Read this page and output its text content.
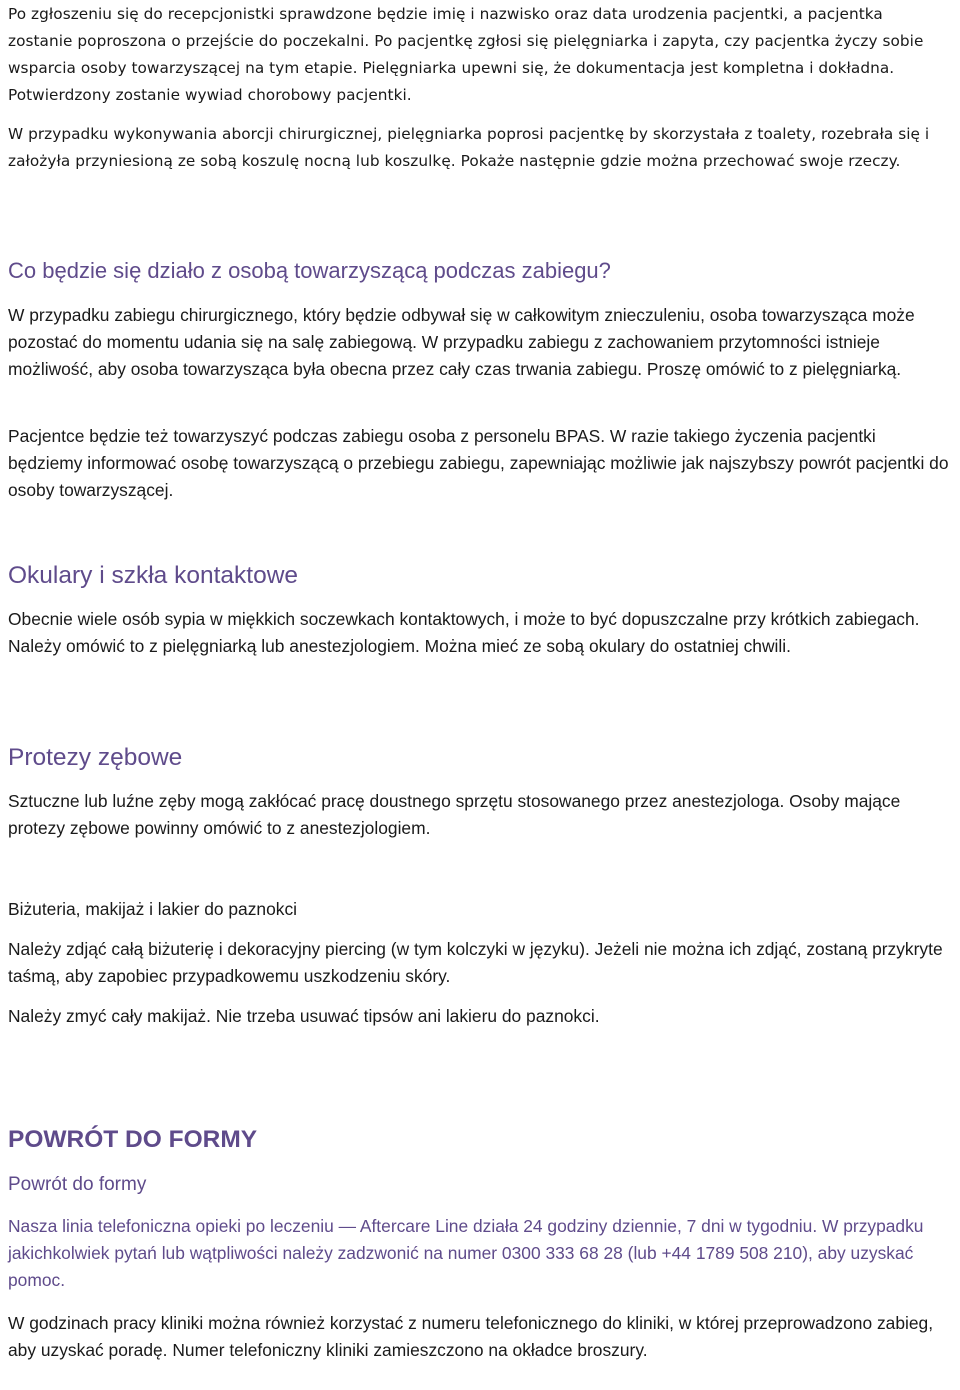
Po zgłoszeniu się do recepcjonistki sprawdzone będzie imię i nazwisko oraz data urodzenia pacjentki, a pacjentka zostanie poproszona o przejście do poczekalni. Po pacjentkę zgłosi się pielęgniarka i zapyta, czy pacjentka życzy sobie wsparcia osoby towarzyszącej na tym etapie. Pielęgniarka upewni się, że dokumentacja jest kompletna i dokładna. Potwierdzony zostanie wywiad chorobowy pacjentki.

W przypadku wykonywania aborcji chirurgicznej, pielęgniarka poprosi pacjentkę by skorzystała z toalety, rozebrała się i założyła przyniesioną ze sobą koszulę nocną lub koszulkę. Pokaże następnie gdzie można przechować swoje rzeczy.

Co będzie się działo z osobą towarzyszącą podczas zabiegu?

W przypadku zabiegu chirurgicznego, który będzie odbywał się w całkowitym znieczuleniu, osoba towarzysząca może pozostać do momentu udania się na salę zabiegową. W przypadku zabiegu z zachowaniem przytomności istnieje możliwość, aby osoba towarzysząca była obecna przez cały czas trwania zabiegu. Proszę omówić to z pielęgniarką.

Pacjentce będzie też towarzyszyć podczas zabiegu osoba z personelu BPAS. W razie takiego życzenia pacjentki będziemy informować osobę towarzyszącą o przebiegu zabiegu, zapewniając możliwie jak najszybszy powrót pacjentki do osoby towarzyszącej.

Okulary i szkła kontaktowe

Obecnie wiele osób sypia w miękkich soczewkach kontaktowych, i może to być dopuszczalne przy krótkich zabiegach. Należy omówić to z pielęgniarką lub anestezjologiem. Można mieć ze sobą okulary do ostatniej chwili.

Protezy zębowe

Sztuczne lub luźne zęby mogą zakłócać pracę doustnego sprzętu stosowanego przez anestezjologa. Osoby mające protezy zębowe powinny omówić to z anestezjologiem.

Biżuteria, makijaż i lakier do paznokci

Należy zdjąć całą biżuterię i dekoracyjny piercing (w tym kolczyki w języku). Jeżeli nie można ich zdjąć, zostaną przykryte taśmą, aby zapobiec przypadkowemu uszkodzeniu skóry.

Należy zmyć cały makijaż. Nie trzeba usuwać tipsów ani lakieru do paznokci.

POWRÓT DO FORMY
Powrót do formy

Nasza linia telefoniczna opieki po leczeniu — Aftercare Line działa 24 godziny dziennie, 7 dni w tygodniu. W przypadku jakichkolwiek pytań lub wątpliwości należy zadzwonić na numer 0300 333 68 28 (lub +44 1789 508 210), aby uzyskać pomoc.

W godzinach pracy kliniki można również korzystać z numeru telefonicznego do kliniki, w której przeprowadzono zabieg, aby uzyskać poradę. Numer telefoniczny kliniki zamieszczono na okładce broszury.
